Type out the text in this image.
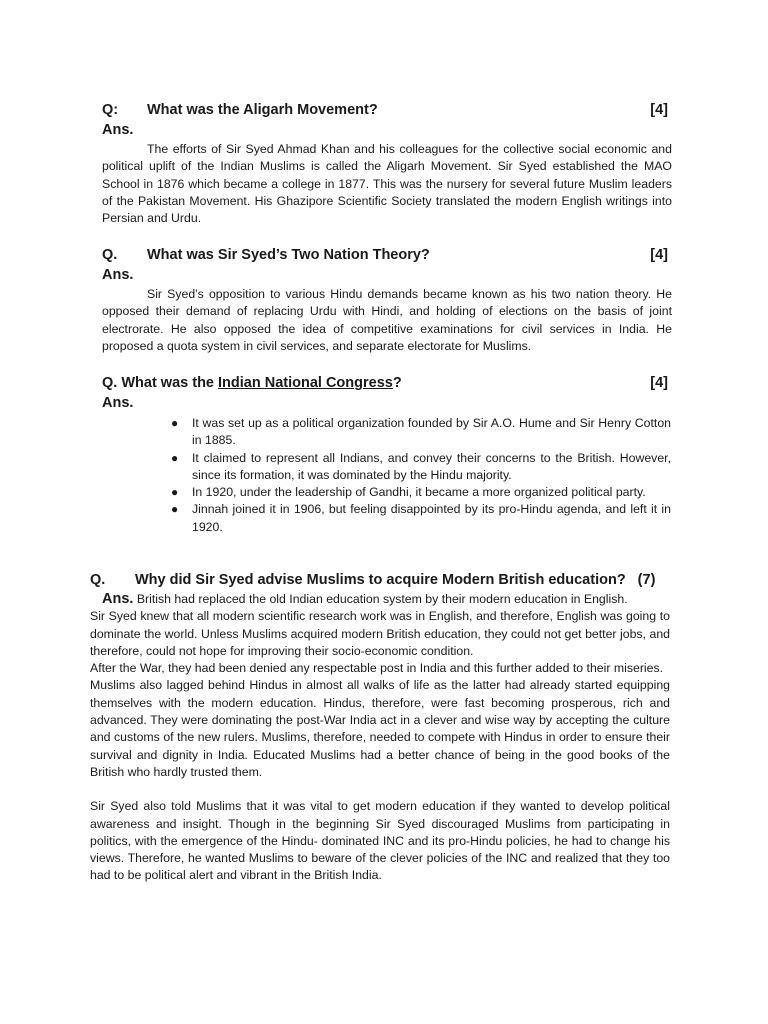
Q:	What was the Aligarh Movement?	[4]
Ans.

The efforts of Sir Syed Ahmad Khan and his colleagues for the collective social economic and political uplift of the Indian Muslims is called the Aligarh Movement. Sir Syed established the MAO School in 1876 which became a college in 1877. This was the nursery for several future Muslim leaders of the Pakistan Movement. His Ghazipore Scientific Society translated the modern English writings into Persian and Urdu.

Q.	What was Sir Syed’s Two Nation Theory?	[4]
Ans.

Sir Syed’s opposition to various Hindu demands became known as his two nation theory. He opposed their demand of replacing Urdu with Hindi, and holding of elections on the basis of joint electrorate. He also opposed the idea of competitive examinations for civil services in India. He proposed a quota system in civil services, and separate electorate for Muslims.

Q. What was the Indian National Congress?	[4]
Ans.
● It was set up as a political organization founded by Sir A.O. Hume and Sir Henry Cotton in 1885.
● It claimed to represent all Indians, and convey their concerns to the British. However, since its formation, it was dominated by the Hindu majority.
● In 1920, under the leadership of Gandhi, it became a more organized political party.
● Jinnah joined it in 1906, but feeling disappointed by its pro-Hindu agenda, and left it in 1920.
Q.	Why did Sir Syed advise Muslims to acquire Modern British education? (7)

Ans. British had replaced the old Indian education system by their modern education in English.

Sir Syed knew that all modern scientific research work was in English, and therefore, English was going to dominate the world. Unless Muslims acquired modern British education, they could not get better jobs, and therefore, could not hope for improving their socio-economic condition.

After the War, they had been denied any respectable post in India and this further added to their miseries.

Muslims also lagged behind Hindus in almost all walks of life as the latter had already started equipping themselves with the modern education. Hindus, therefore, were fast becoming prosperous, rich and advanced. They were dominating the post-War India act in a clever and wise way by accepting the culture and customs of the new rulers. Muslims, therefore, needed to compete with Hindus in order to ensure their survival and dignity in India. Educated Muslims had a better chance of being in the good books of the British who hardly trusted them.

Sir Syed also told Muslims that it was vital to get modern education if they wanted to develop political awareness and insight. Though in the beginning Sir Syed discouraged Muslims from participating in politics, with the emergence of the Hindu- dominated INC and its pro-Hindu policies, he had to change his views. Therefore, he wanted Muslims to beware of the clever policies of the INC and realized that they too had to be political alert and vibrant in the British India.
